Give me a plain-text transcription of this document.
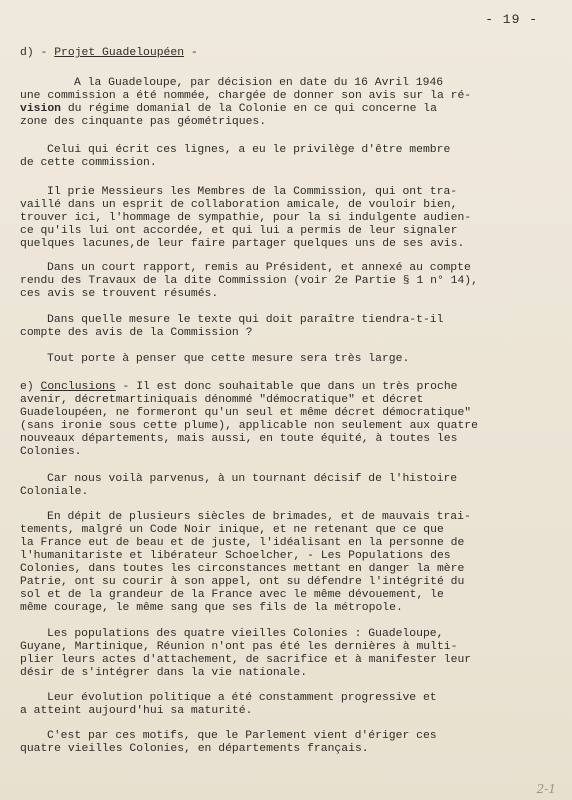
- 19 -
d) - Projet Guadeloupéen -
A la Guadeloupe, par décision en date du 16 Avril 1946
une commission a été nommée, chargée de donner son avis sur la ré-
vision du régime domanial de la Colonie en ce qui concerne la
zone des cinquante pas géométriques.
Celui qui écrit ces lignes, a eu le privilège d'être membre
de cette commission.
Il prie Messieurs les Membres de la Commission, qui ont tra-
vaillé dans un esprit de collaboration amicale, de vouloir bien,
trouver ici, l'hommage de sympathie, pour la si indulgente audien-
ce qu'ils lui ont accordée, et qui lui a permis de leur signaler
quelques lacunes,de leur faire partager quelques uns de ses avis.
Dans un court rapport, remis au Président, et annexé au compte
rendu des Travaux de la dite Commission (voir 2e Partie § 1 n° 14),
ces avis se trouvent résumés.
Dans quelle mesure le texte qui doit paraître tiendra-t-il
compte des avis de la Commission ?
Tout porte à penser que cette mesure sera très large.
e) Conclusions - Il est donc souhaitable que dans un très proche
avenir, décretmartiniquais dénommé "démocratique" et décret
Guadeloupéen, ne formeront qu'un seul et même décret démocratique"
(sans ironie sous cette plume), applicable non seulement aux quatre
nouveaux départements, mais aussi, en toute équité, à toutes les
Colonies.
Car nous voilà parvenus, à un tournant décisif de l'histoire
Coloniale.
En dépit de plusieurs siècles de brimades, et de mauvais trai-
tements, malgré un Code Noir inique, et ne retenant que ce que
la France eut de beau et de juste, l'idéalisant en la personne de
l'humanitariste et libérateur Schoelcher, - Les Populations des
Colonies, dans toutes les circonstances mettant en danger la mère
Patrie, ont su courir à son appel, ont su défendre l'intégrité du
sol et de la grandeur de la France avec le même dévouement, le
même courage, le même sang que ses fils de la métropole.
Les populations des quatre vieilles Colonies : Guadeloupe,
Guyane, Martinique, Réunion n'ont pas été les dernières à multi-
plier leurs actes d'attachement, de sacrifice et à manifester leur
désir de s'intégrer dans la vie nationale.
Leur évolution politique a été constamment progressive et
a atteint aujourd'hui sa maturité.
C'est par ces motifs, que le Parlement vient d'ériger ces
quatre vieilles Colonies, en départements français.
2-1
